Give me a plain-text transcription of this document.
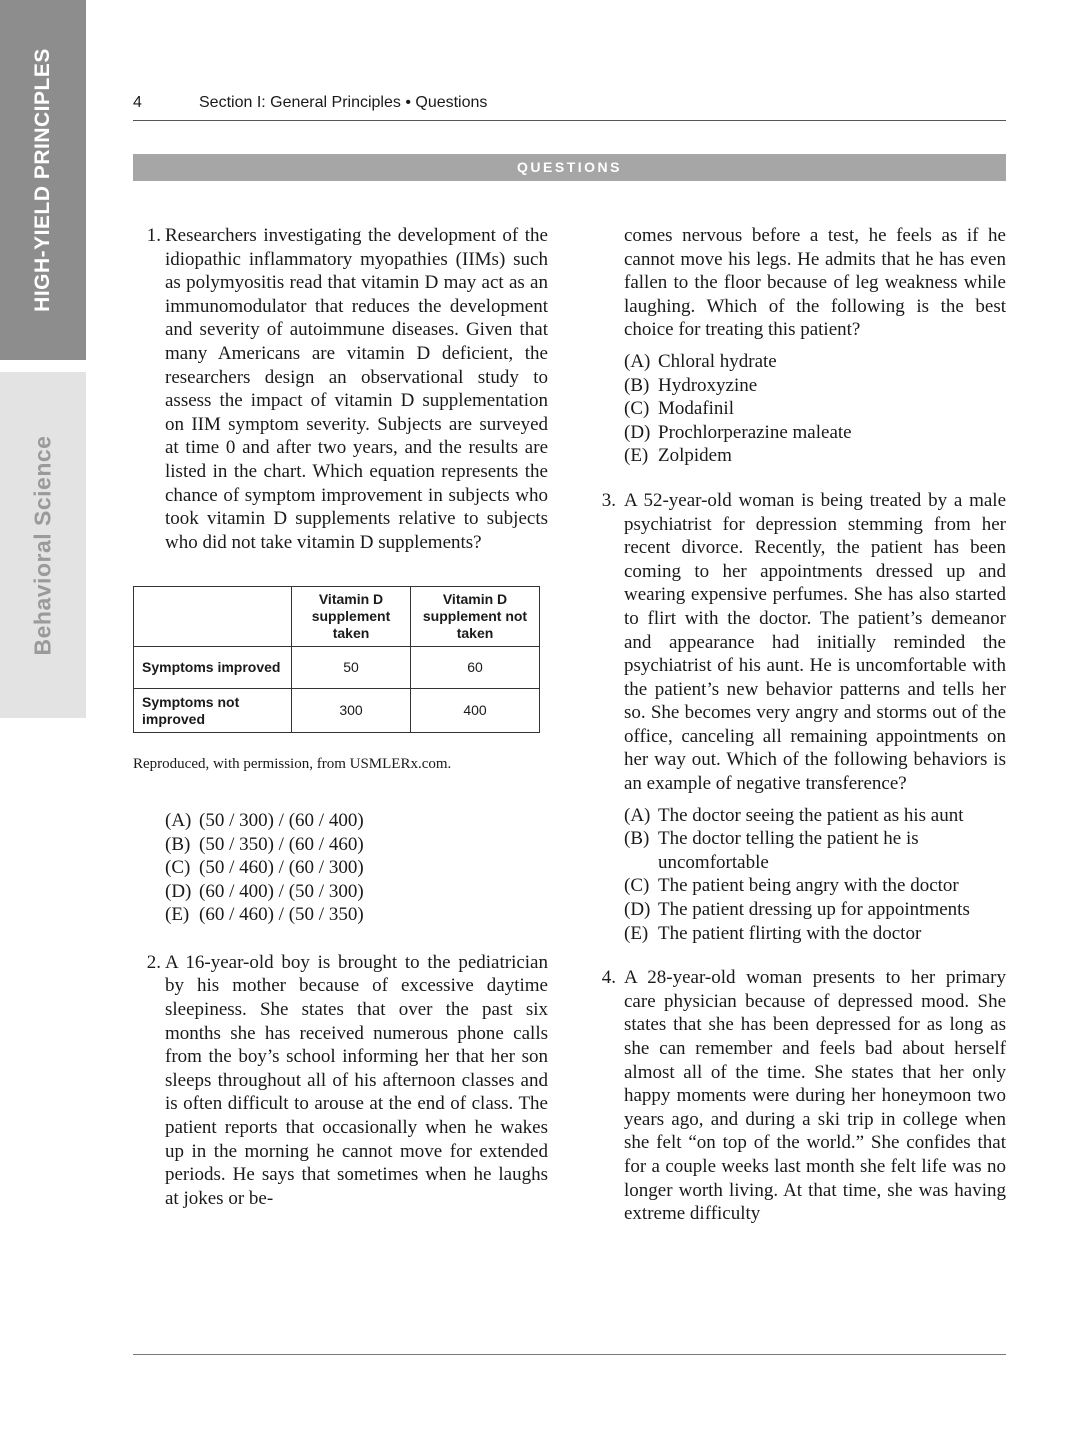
HIGH-YIELD PRINCIPLES
Behavioral Science
4	Section I: General Principles • Questions
QUESTIONS
1. Researchers investigating the development of the idiopathic inflammatory myopathies (IIMs) such as polymyositis read that vitamin D may act as an immunomodulator that reduces the development and severity of autoimmune diseases. Given that many Americans are vitamin D deficient, the researchers design an observational study to assess the impact of vitamin D supplementation on IIM symptom severity. Subjects are surveyed at time 0 and after two years, and the results are listed in the chart. Which equation represents the chance of symptom improvement in subjects who took vitamin D supplements relative to subjects who did not take vitamin D supplements?
	Vitamin D supplement taken	Vitamin D supplement not taken
Symptoms improved	50	60
Symptoms not improved	300	400

Reproduced, with permission, from USMLERx.com.

(A) (50 / 300) / (60 / 400)
(B) (50 / 350) / (60 / 460)
(C) (50 / 460) / (60 / 300)
(D) (60 / 400) / (50 / 300)
(E) (60 / 460) / (50 / 350)
2. A 16-year-old boy is brought to the pediatrician by his mother because of excessive daytime sleepiness. She states that over the past six months she has received numerous phone calls from the boy’s school informing her that her son sleeps throughout all of his afternoon classes and is often difficult to arouse at the end of class. The patient reports that occasionally when he wakes up in the morning he cannot move for extended periods. He says that sometimes when he laughs at jokes or be-
comes nervous before a test, he feels as if he cannot move his legs. He admits that he has even fallen to the floor because of leg weakness while laughing. Which of the following is the best choice for treating this patient?
(A) Chloral hydrate
(B) Hydroxyzine
(C) Modafinil
(D) Prochlorperazine maleate
(E) Zolpidem
3. A 52-year-old woman is being treated by a male psychiatrist for depression stemming from her recent divorce. Recently, the patient has been coming to her appointments dressed up and wearing expensive perfumes. She has also started to flirt with the doctor. The patient’s demeanor and appearance had initially reminded the psychiatrist of his aunt. He is uncomfortable with the patient’s new behavior patterns and tells her so. She becomes very angry and storms out of the office, canceling all remaining appointments on her way out. Which of the following behaviors is an example of negative transference?
(A) The doctor seeing the patient as his aunt
(B) The doctor telling the patient he is uncomfortable
(C) The patient being angry with the doctor
(D) The patient dressing up for appointments
(E) The patient flirting with the doctor
4. A 28-year-old woman presents to her primary care physician because of depressed mood. She states that she has been depressed for as long as she can remember and feels bad about herself almost all of the time. She states that her only happy moments were during her honeymoon two years ago, and during a ski trip in college when she felt “on top of the world.” She confides that for a couple weeks last month she felt life was no longer worth living. At that time, she was having extreme difficulty
